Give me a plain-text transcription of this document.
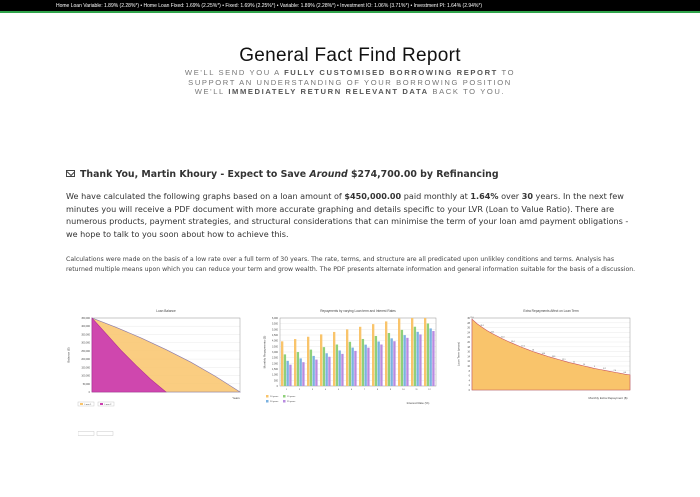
Home Loan Variable: 1.89% (2.28%*) • Home Loan Fixed: 1.69% (2.25%*) • Fixed: 1.69% (2.25%*) • Variable: 1.89% (2.28%*) • Investment IO: 1.06% (3.71%*) • Investment PI: 1.64% (2.94%*)
General Fact Find Report
WE'LL SEND YOU A FULLY CUSTOMISED BORROWING REPORT TO
SUPPORT AN UNDERSTANDING OF YOUR BORROWING POSITION
WE'LL IMMEDIATELY RETURN RELEVANT DATA BACK TO YOU.
Thank You, Martin Khoury - Expect to Save Around $274,700.00 by Refinancing
We have calculated the following graphs based on a loan amount of $450,000.00 paid monthly at 1.64% over 30 years. In the next few minutes you will receive a PDF document with more accurate graphing and details specific to your LVR (Loan to Value Ratio). There are numerous products, payment strategies, and structural considerations that can minimise the term of your loan amd payment obligations - we hope to talk to you soon about how to achieve this.
Calculations were made on the basis of a low rate over a full term of 30 years. The rate, terms, and structure are all predicated upon unlikley conditions and terms. Analysis has returned multiple means upon which you can reduce your term and grow wealth. The PDF presents alternate information and general information suitable for the basis of a discussion.
Loan Balance
450,000
400,000
350,000
300,000
250,000
200,000
150,000
100,000
50,000
0
Balance ($)
Years
Loan 1	Loan 2
Repayments by varying Loan term and Interest Rates
6,000
5,500
5,000
4,500
4,000
3,500
3,000
2,500
2,000
1,500
1,000
500
0
Monthly Repayments ($)
1	2	3	4	5	6	7	8	9	10	11	12
Interest Rate (%)
10 years	15 years
20 years	25 years
Extra Repayments Affect on Loan Term
30
28
26
24
22
20
18
16
14
12
10
8
6
4
2
0
Loan Term (years)
29.5
26.1
23.5
21.3
19.4
17.6
16
14.6
13.3
12.1
11
10
9
8.2
7.4
6.6
Monthly Extra Repayment ($)
